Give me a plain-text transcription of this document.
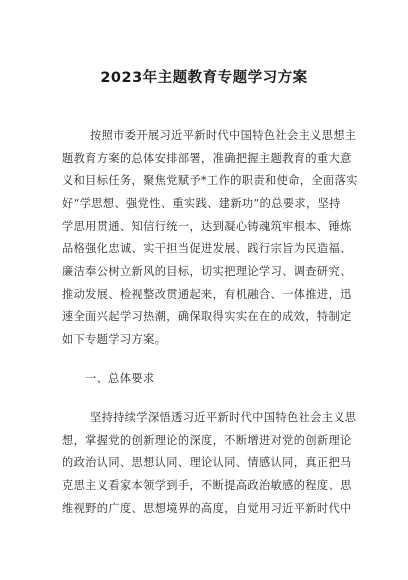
2023年主题教育专题学习方案
按照市委开展习近平新时代中国特色社会主义思想主
题教育方案的总体安排部署，准确把握主题教育的重大意
义和目标任务，聚焦党赋予*工作的职责和使命，全面落实
好“学思想、强党性、重实践、建新功”的总要求，坚持
学思用贯通、知信行统一，达到凝心铸魂筑牢根本、锤炼
品格强化忠诚、实干担当促进发展、践行宗旨为民造福、
廉洁奉公树立新风的目标，切实把理论学习、调查研究、
推动发展、检视整改贯通起来，有机融合、一体推进，迅
速全面兴起学习热潮，确保取得实实在在的成效，特制定
如下专题学习方案。
一、总体要求
坚持持续学深悟透习近平新时代中国特色社会主义思
想，掌握党的创新理论的深度，不断增进对党的创新理论
的政治认同、思想认同、理论认同、情感认同，真正把马
克思主义看家本领学到手，不断提高政治敏感的程度、思
维视野的广度、思想境界的高度，自觉用习近平新时代中
